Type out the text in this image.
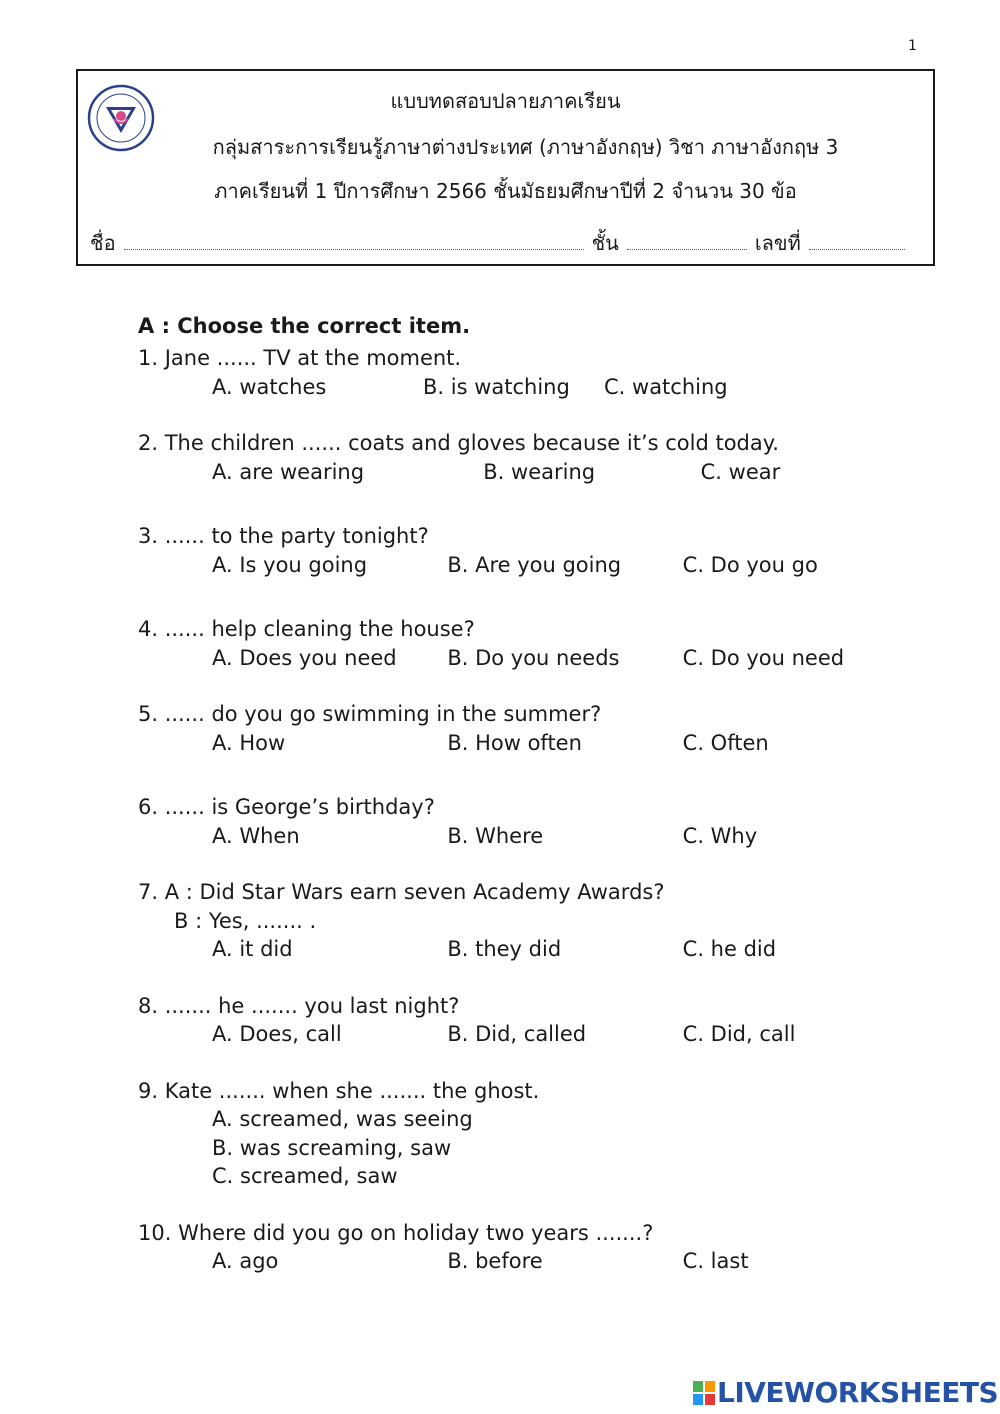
1
แบบทดสอบปลายภาคเรียน
กลุ่มสาระการเรียนรู้ภาษาต่างประเทศ (ภาษาอังกฤษ) วิชา ภาษาอังกฤษ 3
ภาคเรียนที่ 1 ปีการศึกษา 2566 ชั้นมัธยมศึกษาปีที่ 2 จำนวน 30 ข้อ
ชื่อ	ชั้น	เลขที่
A : Choose the correct item.
1. Jane ...... TV at the moment.
A. watches	B. is watching	C. watching
2. The children ...... coats and gloves because it’s cold today.
A. are wearing	B. wearing	C. wear
3. ...... to the party tonight?
A. Is you going	B. Are you going	C. Do you go
4. ...... help cleaning the house?
A. Does you need	B. Do you needs	C. Do you need
5. ...... do you go swimming in the summer?
A. How	B. How often	C. Often
6. ...... is George’s birthday?
A. When	B. Where	C. Why
7. A : Did Star Wars earn seven Academy Awards?
B : Yes, ....... .
A. it did	B. they did	C. he did
8. ....... he ....... you last night?
A. Does, call	B. Did, called	C. Did, call
9. Kate ....... when she ....... the ghost.
A. screamed, was seeing
B. was screaming, saw
C. screamed, saw
10. Where did you go on holiday two years .......?
A. ago	B. before	C. last
LIVEWORKSHEETS
